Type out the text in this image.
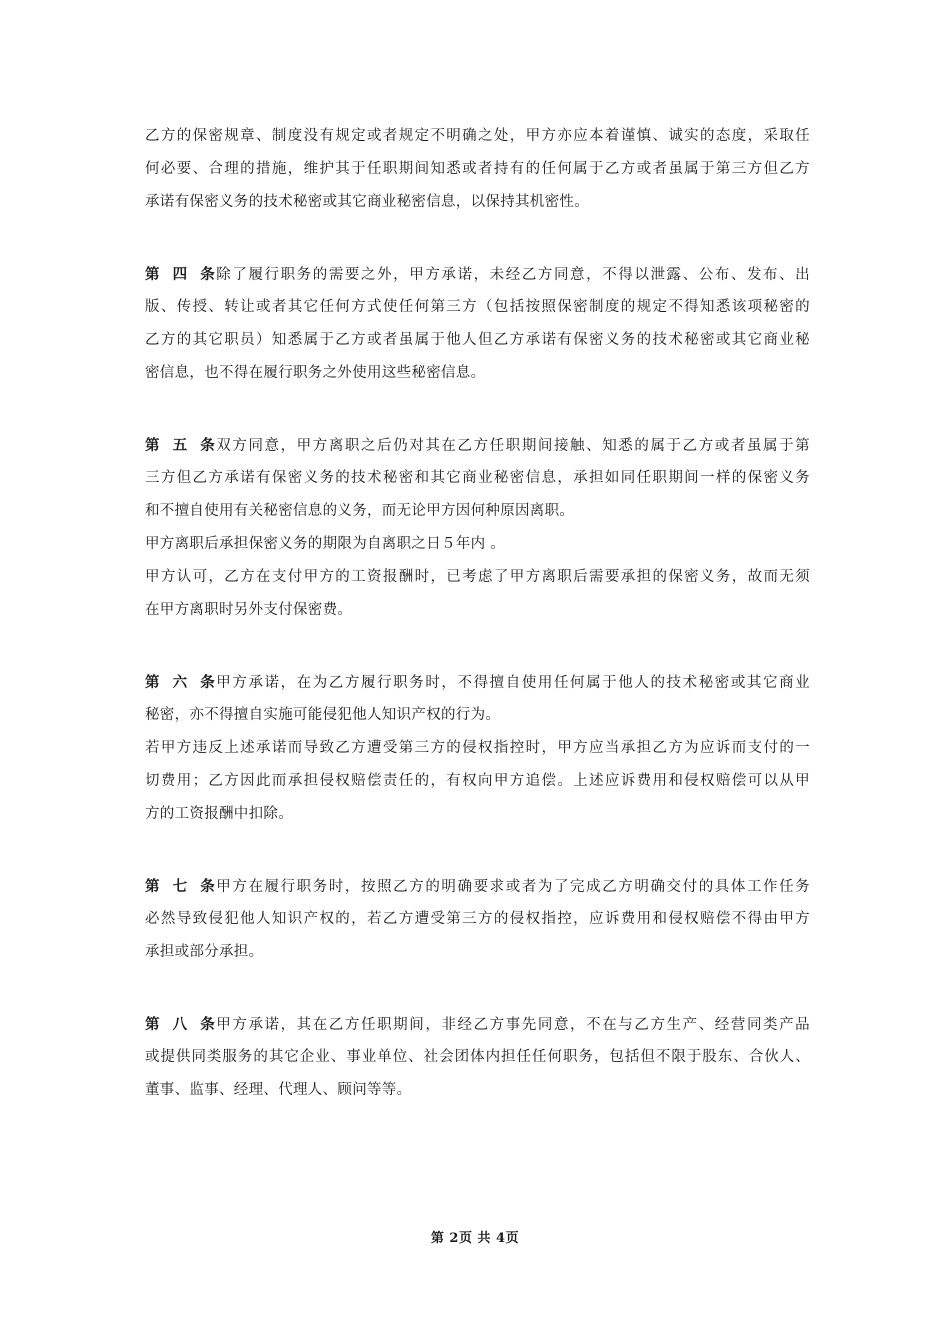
乙方的保密规章、制度没有规定或者规定不明确之处，甲方亦应本着谨慎、诚实的态度，采取任
何必要、合理的措施，维护其于任职期间知悉或者持有的任何属于乙方或者虽属于第三方但乙方
承诺有保密义务的技术秘密或其它商业秘密信息，以保持其机密性。
第四条除了履行职务的需要之外，甲方承诺，未经乙方同意，不得以泄露、公布、发布、出
版、传授、转让或者其它任何方式使任何第三方（包括按照保密制度的规定不得知悉该项秘密的
乙方的其它职员）知悉属于乙方或者虽属于他人但乙方承诺有保密义务的技术秘密或其它商业秘
密信息，也不得在履行职务之外使用这些秘密信息。
第五条双方同意，甲方离职之后仍对其在乙方任职期间接触、知悉的属于乙方或者虽属于第
三方但乙方承诺有保密义务的技术秘密和其它商业秘密信息，承担如同任职期间一样的保密义务
和不擅自使用有关秘密信息的义务，而无论甲方因何种原因离职。
甲方离职后承担保密义务的期限为自离职之日５年内 。
甲方认可，乙方在支付甲方的工资报酬时，已考虑了甲方离职后需要承担的保密义务，故而无须
在甲方离职时另外支付保密费。
第六条甲方承诺，在为乙方履行职务时，不得擅自使用任何属于他人的技术秘密或其它商业
秘密，亦不得擅自实施可能侵犯他人知识产权的行为。
若甲方违反上述承诺而导致乙方遭受第三方的侵权指控时，甲方应当承担乙方为应诉而支付的一
切费用；乙方因此而承担侵权赔偿责任的，有权向甲方追偿。上述应诉费用和侵权赔偿可以从甲
方的工资报酬中扣除。
第七条甲方在履行职务时，按照乙方的明确要求或者为了完成乙方明确交付的具体工作任务
必然导致侵犯他人知识产权的，若乙方遭受第三方的侵权指控，应诉费用和侵权赔偿不得由甲方
承担或部分承担。
第八条甲方承诺，其在乙方任职期间，非经乙方事先同意，不在与乙方生产、经营同类产品
或提供同类服务的其它企业、事业单位、社会团体内担任任何职务，包括但不限于股东、合伙人、
董事、监事、经理、代理人、顾问等等。
第 2页 共 4页
